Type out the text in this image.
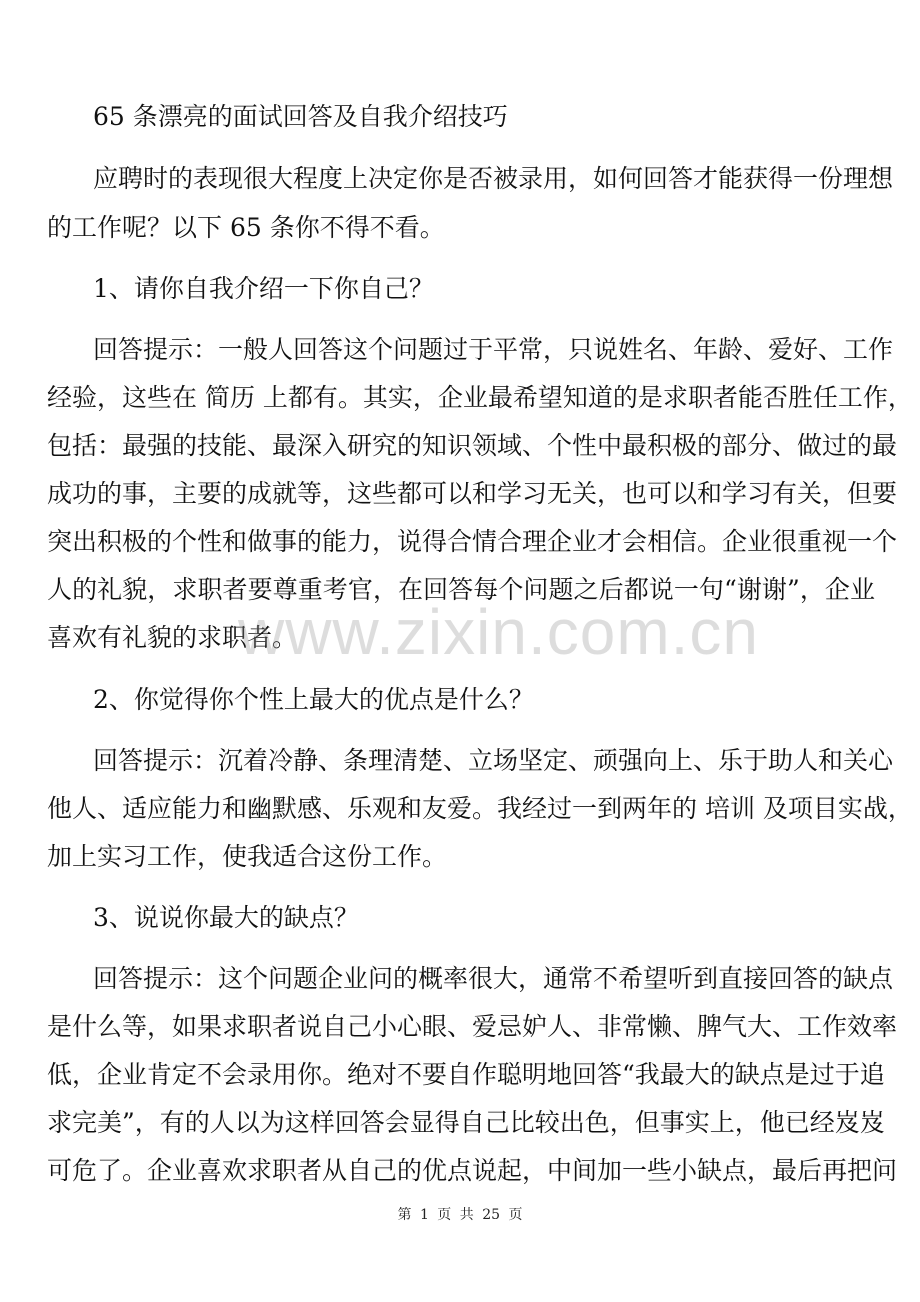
65 条漂亮的面试回答及自我介绍技巧
应聘时的表现很大程度上决定你是否被录用，如何回答才能获得一份理想
的工作呢？以下 65 条你不得不看。
1、请你自我介绍一下你自己？
回答提示：一般人回答这个问题过于平常，只说姓名、年龄、爱好、工作
经验，这些在 简历 上都有。其实，企业最希望知道的是求职者能否胜任工作，
包括：最强的技能、最深入研究的知识领域、个性中最积极的部分、做过的最
成功的事，主要的成就等，这些都可以和学习无关，也可以和学习有关，但要
突出积极的个性和做事的能力，说得合情合理企业才会相信。企业很重视一个
人的礼貌，求职者要尊重考官，在回答每个问题之后都说一句“谢谢”，企业
喜欢有礼貌的求职者。
2、你觉得你个性上最大的优点是什么？
回答提示：沉着冷静、条理清楚、立场坚定、顽强向上、乐于助人和关心
他人、适应能力和幽默感、乐观和友爱。我经过一到两年的 培训 及项目实战，
加上实习工作，使我适合这份工作。
3、说说你最大的缺点？
回答提示：这个问题企业问的概率很大，通常不希望听到直接回答的缺点
是什么等，如果求职者说自己小心眼、爱忌妒人、非常懒、脾气大、工作效率
低，企业肯定不会录用你。绝对不要自作聪明地回答“我最大的缺点是过于追
求完美”，有的人以为这样回答会显得自己比较出色，但事实上，他已经岌岌
可危了。企业喜欢求职者从自己的优点说起，中间加一些小缺点，最后再把问
www.zixin.com.cn
第 1 页 共 25 页
